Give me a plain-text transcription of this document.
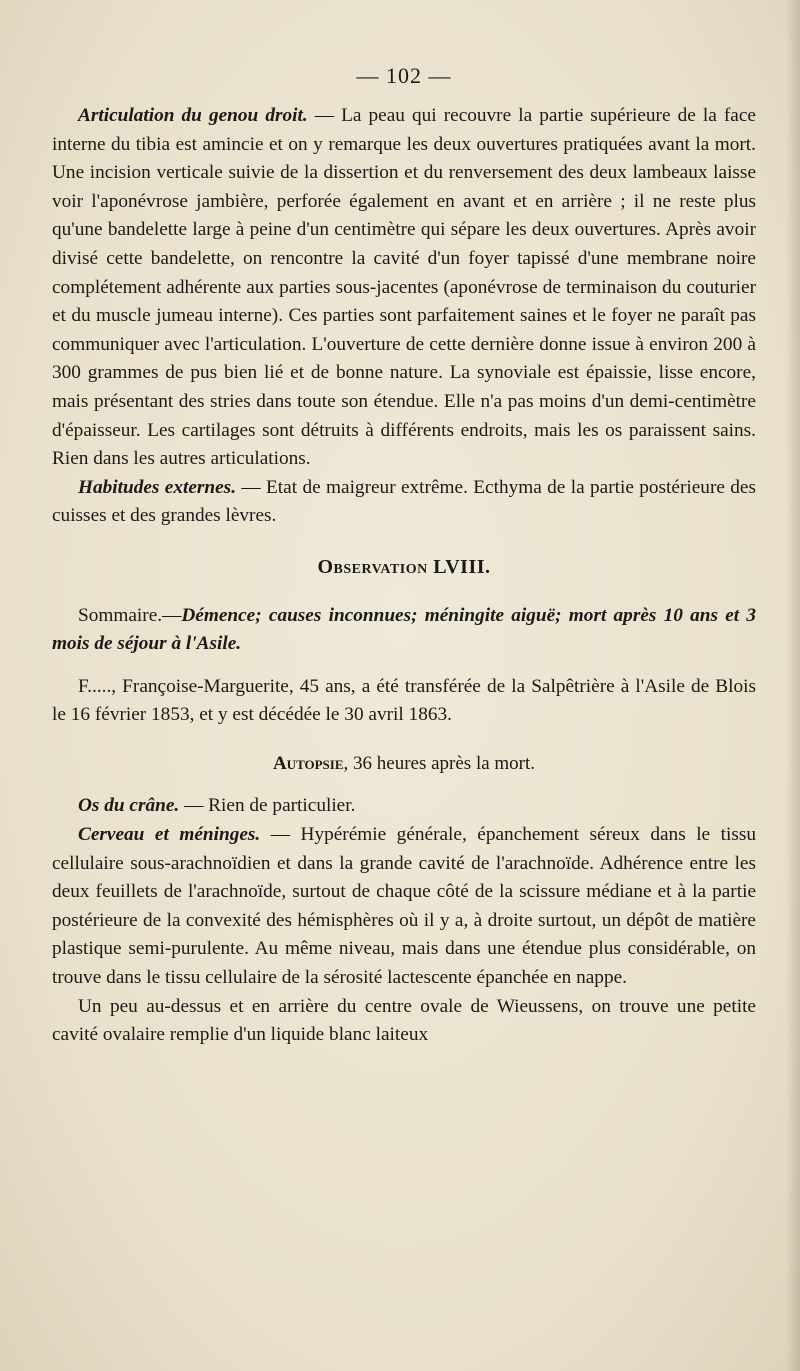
— 102 —

Articulation du genou droit. — La peau qui recouvre la partie supérieure de la face interne du tibia est amincie et on y remarque les deux ouvertures pratiquées avant la mort. Une incision verticale suivie de la dissertion et du renversement des deux lambeaux laisse voir l'aponévrose jambière, perforée également en avant et en arrière ; il ne reste plus qu'une bandelette large à peine d'un centimètre qui sépare les deux ouvertures. Après avoir divisé cette bandelette, on rencontre la cavité d'un foyer tapissé d'une membrane noire complétement adhérente aux parties sous-jacentes (aponévrose de terminaison du couturier et du muscle jumeau interne). Ces parties sont parfaitement saines et le foyer ne paraît pas communiquer avec l'articulation. L'ouverture de cette dernière donne issue à environ 200 à 300 grammes de pus bien lié et de bonne nature. La synoviale est épaissie, lisse encore, mais présentant des stries dans toute son étendue. Elle n'a pas moins d'un demi-centimètre d'épaisseur. Les cartilages sont détruits à différents endroits, mais les os paraissent sains. Rien dans les autres articulations.

Habitudes externes. — Etat de maigreur extrême. Ecthyma de la partie postérieure des cuisses et des grandes lèvres.

Observation LVIII.

Sommaire.—Démence; causes inconnues; méningite aiguë; mort après 10 ans et 3 mois de séjour à l'Asile.

F....., Françoise-Marguerite, 45 ans, a été transférée de la Salpêtrière à l'Asile de Blois le 16 février 1853, et y est décédée le 30 avril 1863.

Autopsie, 36 heures après la mort.

Os du crâne. — Rien de particulier.

Cerveau et méninges. — Hypérémie générale, épanchement séreux dans le tissu cellulaire sous-arachnoïdien et dans la grande cavité de l'arachnoïde. Adhérence entre les deux feuillets de l'arachnoïde, surtout de chaque côté de la scissure médiane et à la partie postérieure de la convexité des hémisphères où il y a, à droite surtout, un dépôt de matière plastique semi-purulente. Au même niveau, mais dans une étendue plus considérable, on trouve dans le tissu cellulaire de la sérosité lactescente épanchée en nappe.

Un peu au-dessus et en arrière du centre ovale de Wieussens, on trouve une petite cavité ovalaire remplie d'un liquide blanc laiteux
